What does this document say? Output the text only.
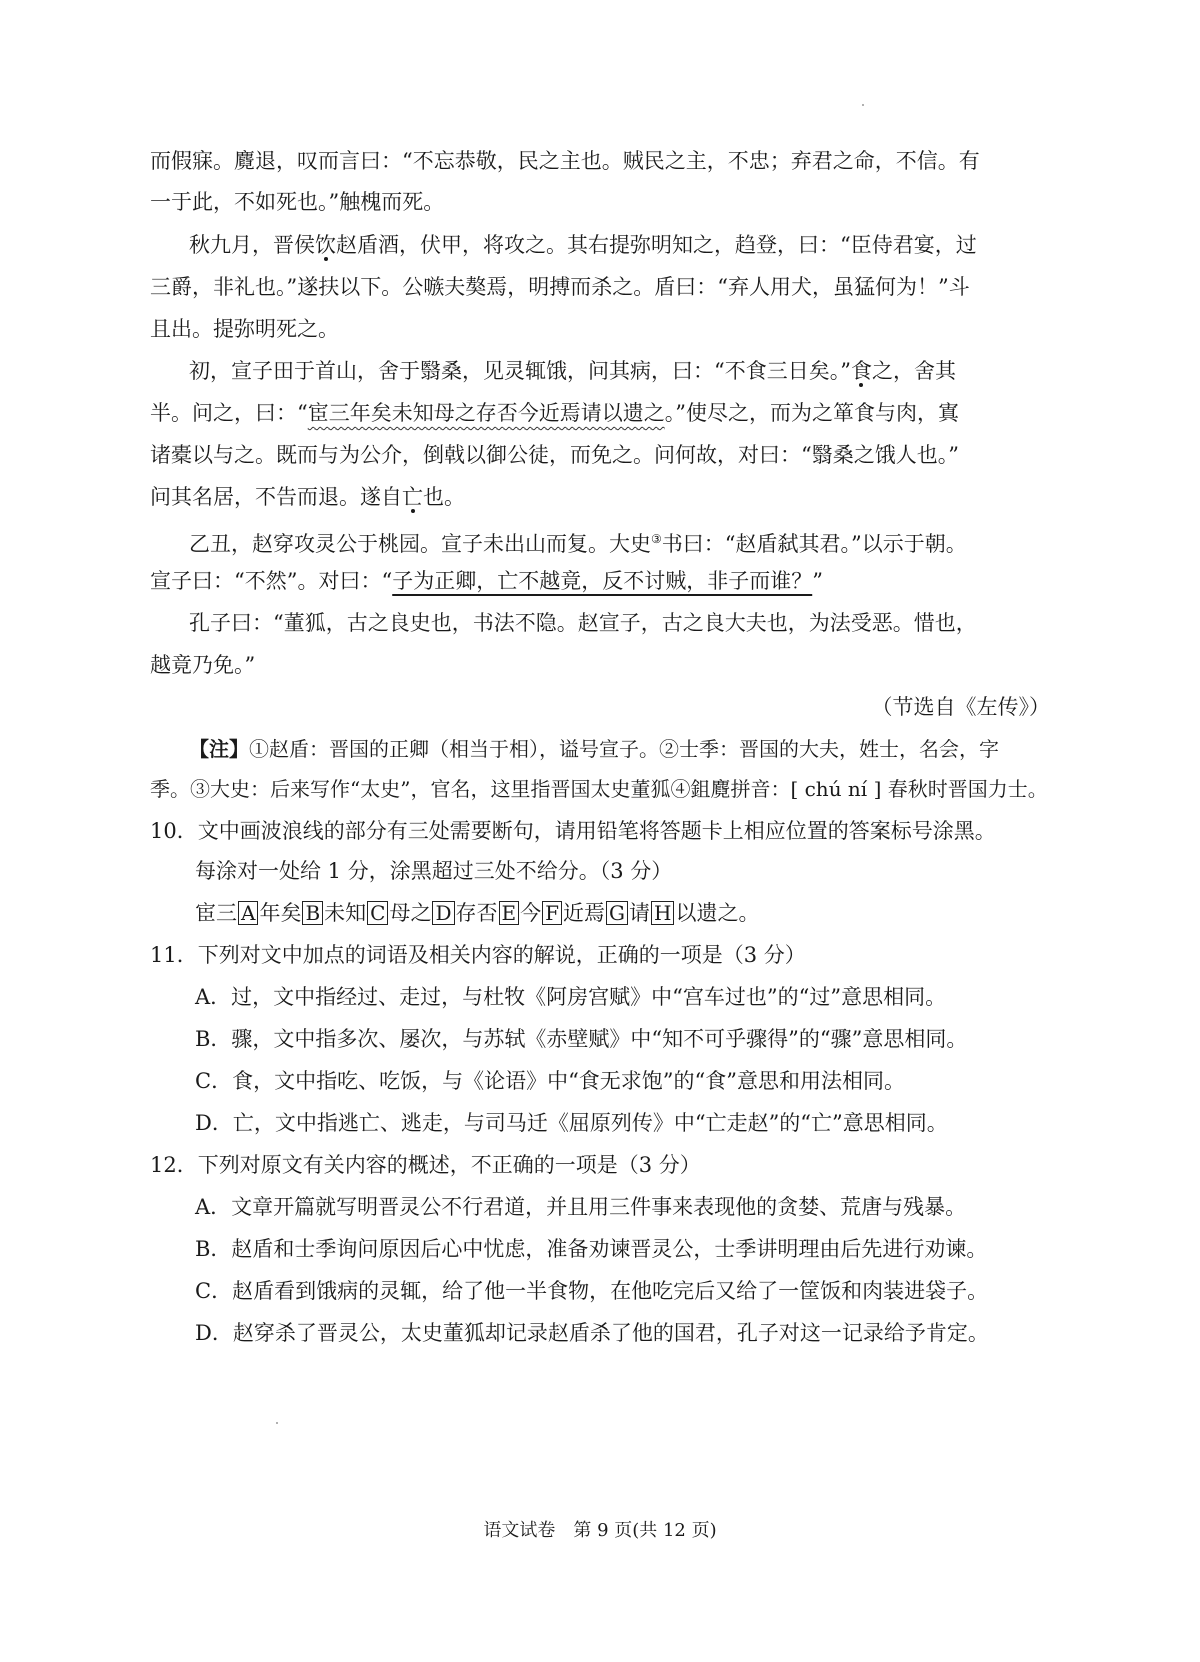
而假寐。麑退，叹而言曰：“不忘恭敬，民之主也。贼民之主，不忠；弃君之命，不信。有
一于此，不如死也。”触槐而死。
秋九月，晋侯饮赵盾酒，伏甲，将攻之。其右提弥明知之，趋登，曰：“臣侍君宴，过
三爵，非礼也。”遂扶以下。公嗾夫獒焉，明搏而杀之。盾曰：“弃人用犬，虽猛何为！”斗
且出。提弥明死之。
初，宣子田于首山，舍于翳桑，见灵辄饿，问其病，曰：“不食三日矣。”食之，舍其
半。问之，曰：“宦三年矣未知母之存否今近焉请以遗之。”使尽之，而为之箪食与肉，寘
诸橐以与之。既而与为公介，倒戟以御公徒，而免之。问何故，对曰：“翳桑之饿人也。”
问其名居，不告而退。遂自亡也。
乙丑，赵穿攻灵公于桃园。宣子未出山而复。大史③书曰：“赵盾弑其君。”以示于朝。
宣子曰：“不然”。对曰：“子为正卿，亡不越竟，反不讨贼，非子而谁？”
孔子曰：“董狐，古之良史也，书法不隐。赵宣子，古之良大夫也，为法受恶。惜也，
越竟乃免。”
（节选自《左传》）
【注】①赵盾：晋国的正卿（相当于相），谥号宣子。②士季：晋国的大夫，姓士，名会，字
季。③大史：后来写作“太史”，官名，这里指晋国太史董狐④鉏麑拼音：[ chú ní ] 春秋时晋国力士。
10．文中画波浪线的部分有三处需要断句，请用铅笔将答题卡上相应位置的答案标号涂黑。
每涂对一处给 1 分，涂黑超过三处不给分。（3 分）
宦三 A 年矣 B 未知 C 母之 D 存否 E 今 F 近焉 G 请 H 以遗之。
11．下列对文中加点的词语及相关内容的解说，正确的一项是（3 分）
A．过，文中指经过、走过，与杜牧《阿房宫赋》中“宫车过也”的“过”意思相同。
B．骤，文中指多次、屡次，与苏轼《赤壁赋》中“知不可乎骤得”的“骤”意思相同。
C．食，文中指吃、吃饭，与《论语》中“食无求饱”的“食”意思和用法相同。
D．亡，文中指逃亡、逃走，与司马迁《屈原列传》中“亡走赵”的“亡”意思相同。
12．下列对原文有关内容的概述，不正确的一项是（3 分）
A．文章开篇就写明晋灵公不行君道，并且用三件事来表现他的贪婪、荒唐与残暴。
B．赵盾和士季询问原因后心中忧虑，准备劝谏晋灵公，士季讲明理由后先进行劝谏。
C．赵盾看到饿病的灵辄，给了他一半食物，在他吃完后又给了一筐饭和肉装进袋子。
D．赵穿杀了晋灵公，太史董狐却记录赵盾杀了他的国君，孔子对这一记录给予肯定。
语文试卷　第 9 页(共 12 页)
